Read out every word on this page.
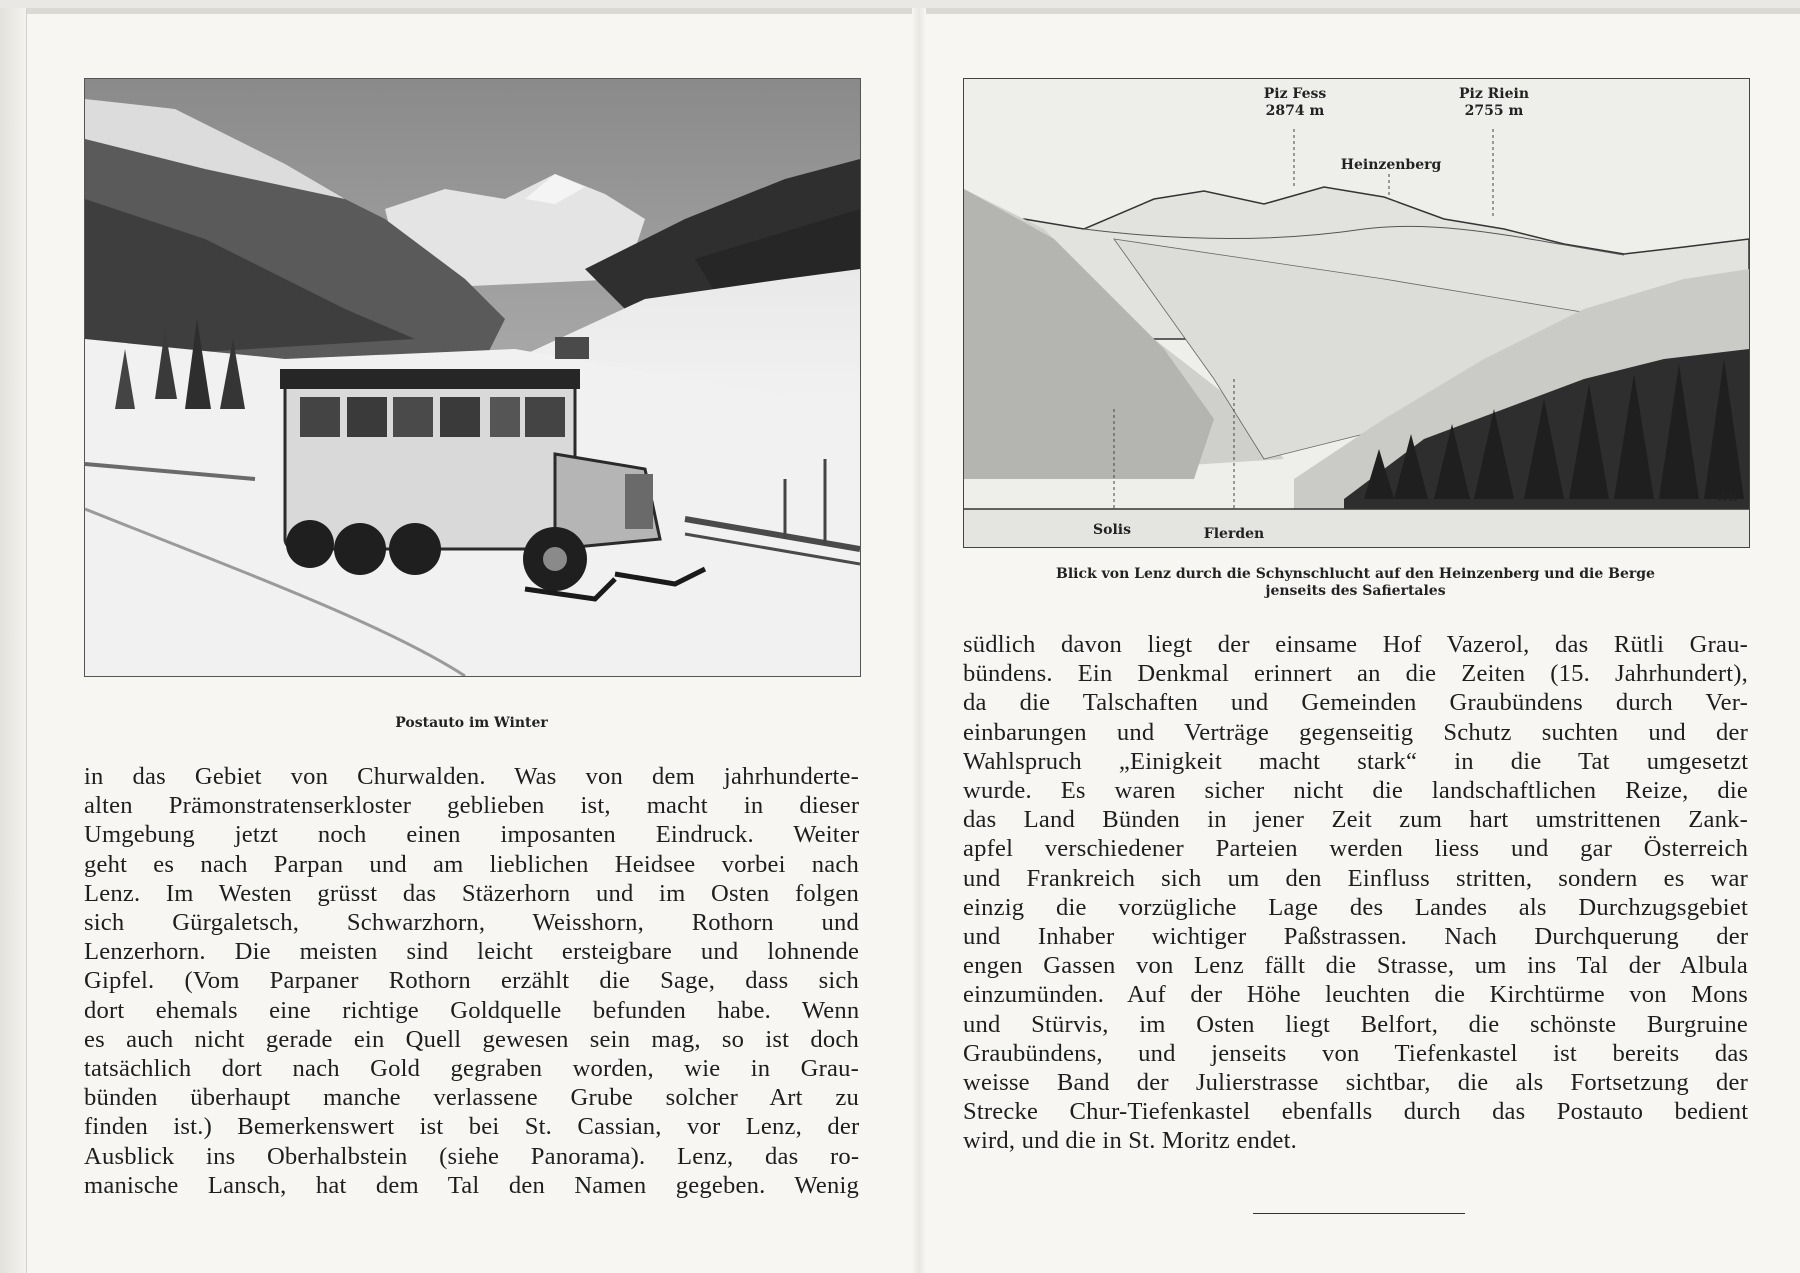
Postauto im Winter
in das Gebiet von Churwalden. Was von dem jahrhunderte-
alten Prämonstratenserkloster geblieben ist, macht in dieser
Umgebung jetzt noch einen imposanten Eindruck. Weiter
geht es nach Parpan und am lieblichen Heidsee vorbei nach
Lenz. Im Westen grüsst das Stäzerhorn und im Osten folgen
sich Gürgaletsch, Schwarzhorn, Weisshorn, Rothorn und
Lenzerhorn. Die meisten sind leicht ersteigbare und lohnende
Gipfel. (Vom Parpaner Rothorn erzählt die Sage, dass sich
dort ehemals eine richtige Goldquelle befunden habe. Wenn
es auch nicht gerade ein Quell gewesen sein mag, so ist doch
tatsächlich dort nach Gold gegraben worden, wie in Grau-
bünden überhaupt manche verlassene Grube solcher Art zu
finden ist.) Bemerkenswert ist bei St. Cassian, vor Lenz, der
Ausblick ins Oberhalbstein (siehe Panorama). Lenz, das ro-
manische Lansch, hat dem Tal den Namen gegeben. Wenig
Piz Fess
2874 m
Piz Riein
2755 m
Heinzenberg
Solis	Flerden
WB
Blick von Lenz durch die Schynschlucht auf den Heinzenberg und die Berge
jenseits des Safiertales
südlich davon liegt der einsame Hof Vazerol, das Rütli Grau-
bündens. Ein Denkmal erinnert an die Zeiten (15. Jahrhundert),
da die Talschaften und Gemeinden Graubündens durch Ver-
einbarungen und Verträge gegenseitig Schutz suchten und der
Wahlspruch „Einigkeit macht stark“ in die Tat umgesetzt
wurde. Es waren sicher nicht die landschaftlichen Reize, die
das Land Bünden in jener Zeit zum hart umstrittenen Zank-
apfel verschiedener Parteien werden liess und gar Österreich
und Frankreich sich um den Einfluss stritten, sondern es war
einzig die vorzügliche Lage des Landes als Durchzugsgebiet
und Inhaber wichtiger Paßstrassen. Nach Durchquerung der
engen Gassen von Lenz fällt die Strasse, um ins Tal der Albula
einzumünden. Auf der Höhe leuchten die Kirchtürme von Mons
und Stürvis, im Osten liegt Belfort, die schönste Burgruine
Graubündens, und jenseits von Tiefenkastel ist bereits das
weisse Band der Julierstrasse sichtbar, die als Fortsetzung der
Strecke Chur-Tiefenkastel ebenfalls durch das Postauto bedient
wird, und die in St. Moritz endet.
